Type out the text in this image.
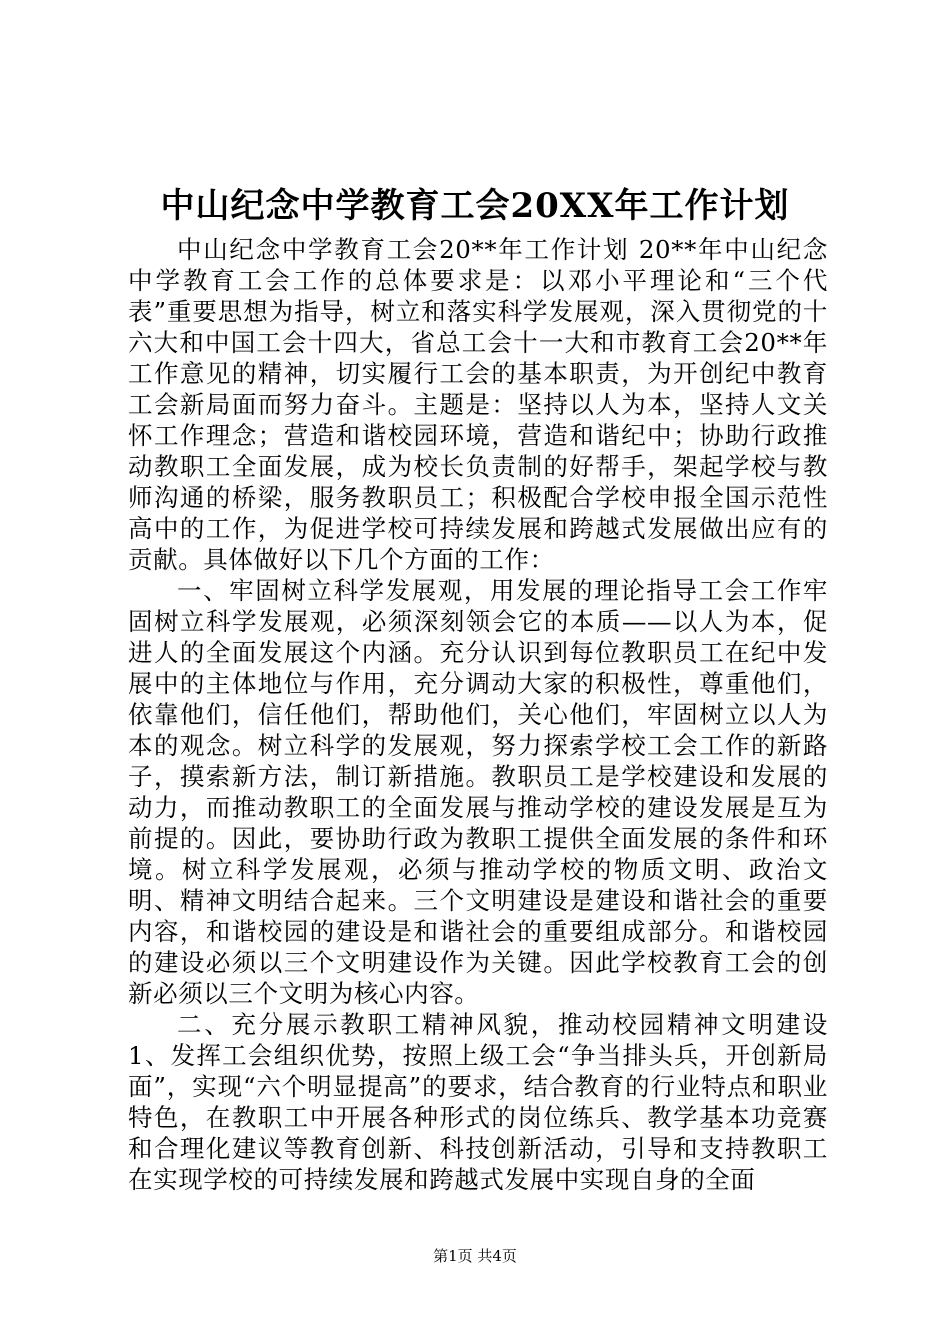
中山纪念中学教育工会20XX年工作计划

中山纪念中学教育工会20**年工作计划 20**年中山纪念中学教育工会工作的总体要求是：以邓小平理论和“三个代表”重要思想为指导，树立和落实科学发展观，深入贯彻党的十六大和中国工会十四大，省总工会十一大和市教育工会20**年工作意见的精神，切实履行工会的基本职责，为开创纪中教育工会新局面而努力奋斗。主题是：坚持以人为本，坚持人文关怀工作理念；营造和谐校园环境，营造和谐纪中；协助行政推动教职工全面发展，成为校长负责制的好帮手，架起学校与教师沟通的桥梁，服务教职员工；积极配合学校申报全国示范性高中的工作，为促进学校可持续发展和跨越式发展做出应有的贡献。具体做好以下几个方面的工作：

一、牢固树立科学发展观，用发展的理论指导工会工作牢固树立科学发展观，必须深刻领会它的本质——以人为本，促进人的全面发展这个内涵。充分认识到每位教职员工在纪中发展中的主体地位与作用，充分调动大家的积极性，尊重他们，依靠他们，信任他们，帮助他们，关心他们，牢固树立以人为本的观念。树立科学的发展观，努力探索学校工会工作的新路子，摸索新方法，制订新措施。教职员工是学校建设和发展的动力，而推动教职工的全面发展与推动学校的建设发展是互为前提的。因此，要协助行政为教职工提供全面发展的条件和环境。树立科学发展观，必须与推动学校的物质文明、政治文明、精神文明结合起来。三个文明建设是建设和谐社会的重要内容，和谐校园的建设是和谐社会的重要组成部分。和谐校园的建设必须以三个文明建设作为关键。因此学校教育工会的创新必须以三个文明为核心内容。

二、充分展示教职工精神风貌，推动校园精神文明建设 1、发挥工会组织优势，按照上级工会“争当排头兵，开创新局面”，实现“六个明显提高”的要求，结合教育的行业特点和职业特色，在教职工中开展各种形式的岗位练兵、教学基本功竞赛和合理化建议等教育创新、科技创新活动，引导和支持教职工在实现学校的可持续发展和跨越式发展中实现自身的全面

第1页 共4页
